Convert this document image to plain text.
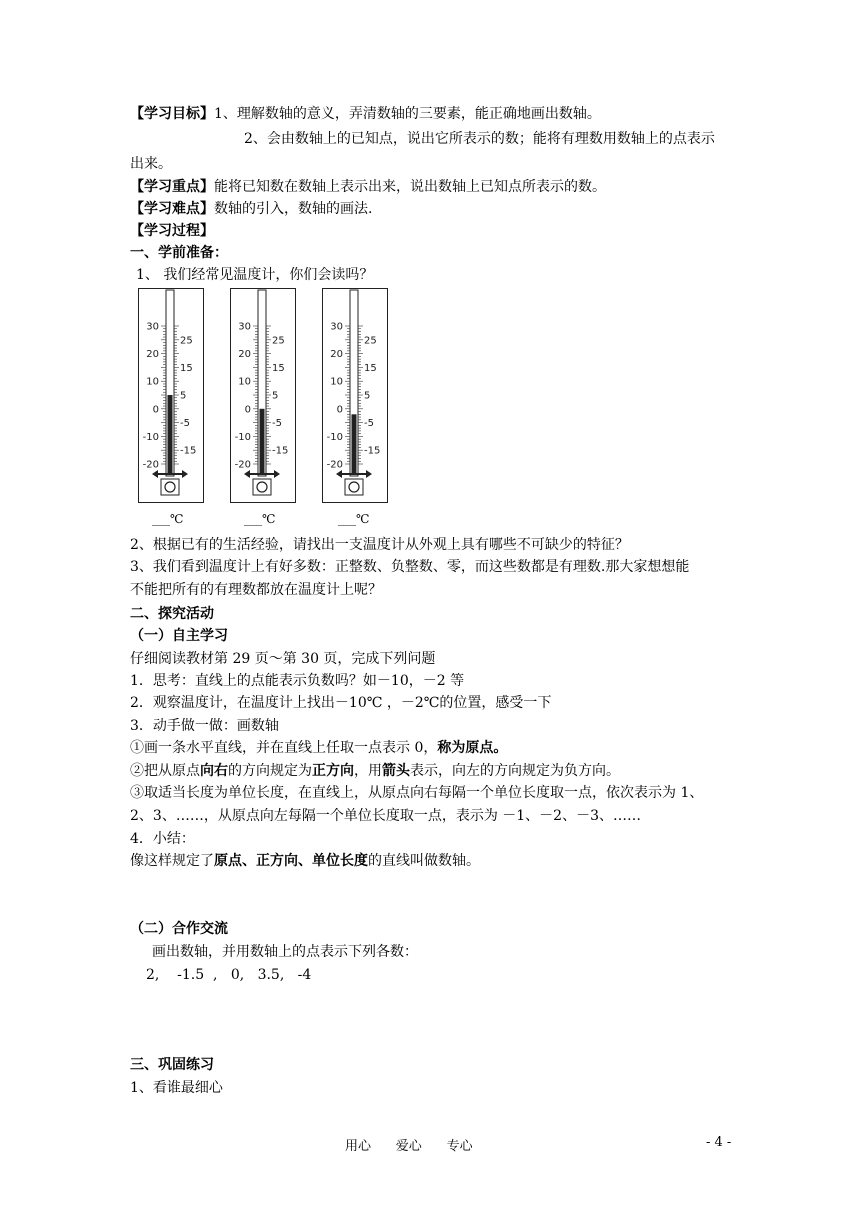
【学习目标】1、理解数轴的意义，弄清数轴的三要素，能正确地画出数轴。
2、会由数轴上的已知点，说出它所表示的数；能将有理数用数轴上的点表示
出来。
【学习重点】能将已知数在数轴上表示出来，说出数轴上已知点所表示的数。
【学习难点】数轴的引入，数轴的画法.
【学习过程】
一、学前准备：
1、 我们经常见温度计，你们会读吗？
30
20
10
0
-10
-20
25
15
5
-5
-15
30
20
10
0
-10
-20
25
15
5
-5
-15
30
20
10
0
-10
-20
25
15
5
-5
-15
___℃	___℃	___℃
2、根据已有的生活经验，请找出一支温度计从外观上具有哪些不可缺少的特征？
3、我们看到温度计上有好多数：正整数、负整数、零，而这些数都是有理数.那大家想想能
不能把所有的有理数都放在温度计上呢？
二、探究活动
（一）自主学习
仔细阅读教材第 29 页～第 30 页，完成下列问题
1．思考：直线上的点能表示负数吗？如－10，－2 等
2．观察温度计，在温度计上找出－10℃ ，－2℃的位置，感受一下
3．动手做一做：画数轴
①画一条水平直线，并在直线上任取一点表示 0，称为原点。
②把从原点向右的方向规定为正方向，用箭头表示，向左的方向规定为负方向。
③取适当长度为单位长度，在直线上，从原点向右每隔一个单位长度取一点，依次表示为 1、
2、3、……，从原点向左每隔一个单位长度取一点，表示为 －1、－2、－3、……
4．小结：
像这样规定了原点、正方向、单位长度的直线叫做数轴。
（二）合作交流
画出数轴，并用数轴上的点表示下列各数：
2,    -1.5  ,   0,   3.5,   -4
三、巩固练习
1、看谁最细心
用心      爱心      专心	- 4 -
